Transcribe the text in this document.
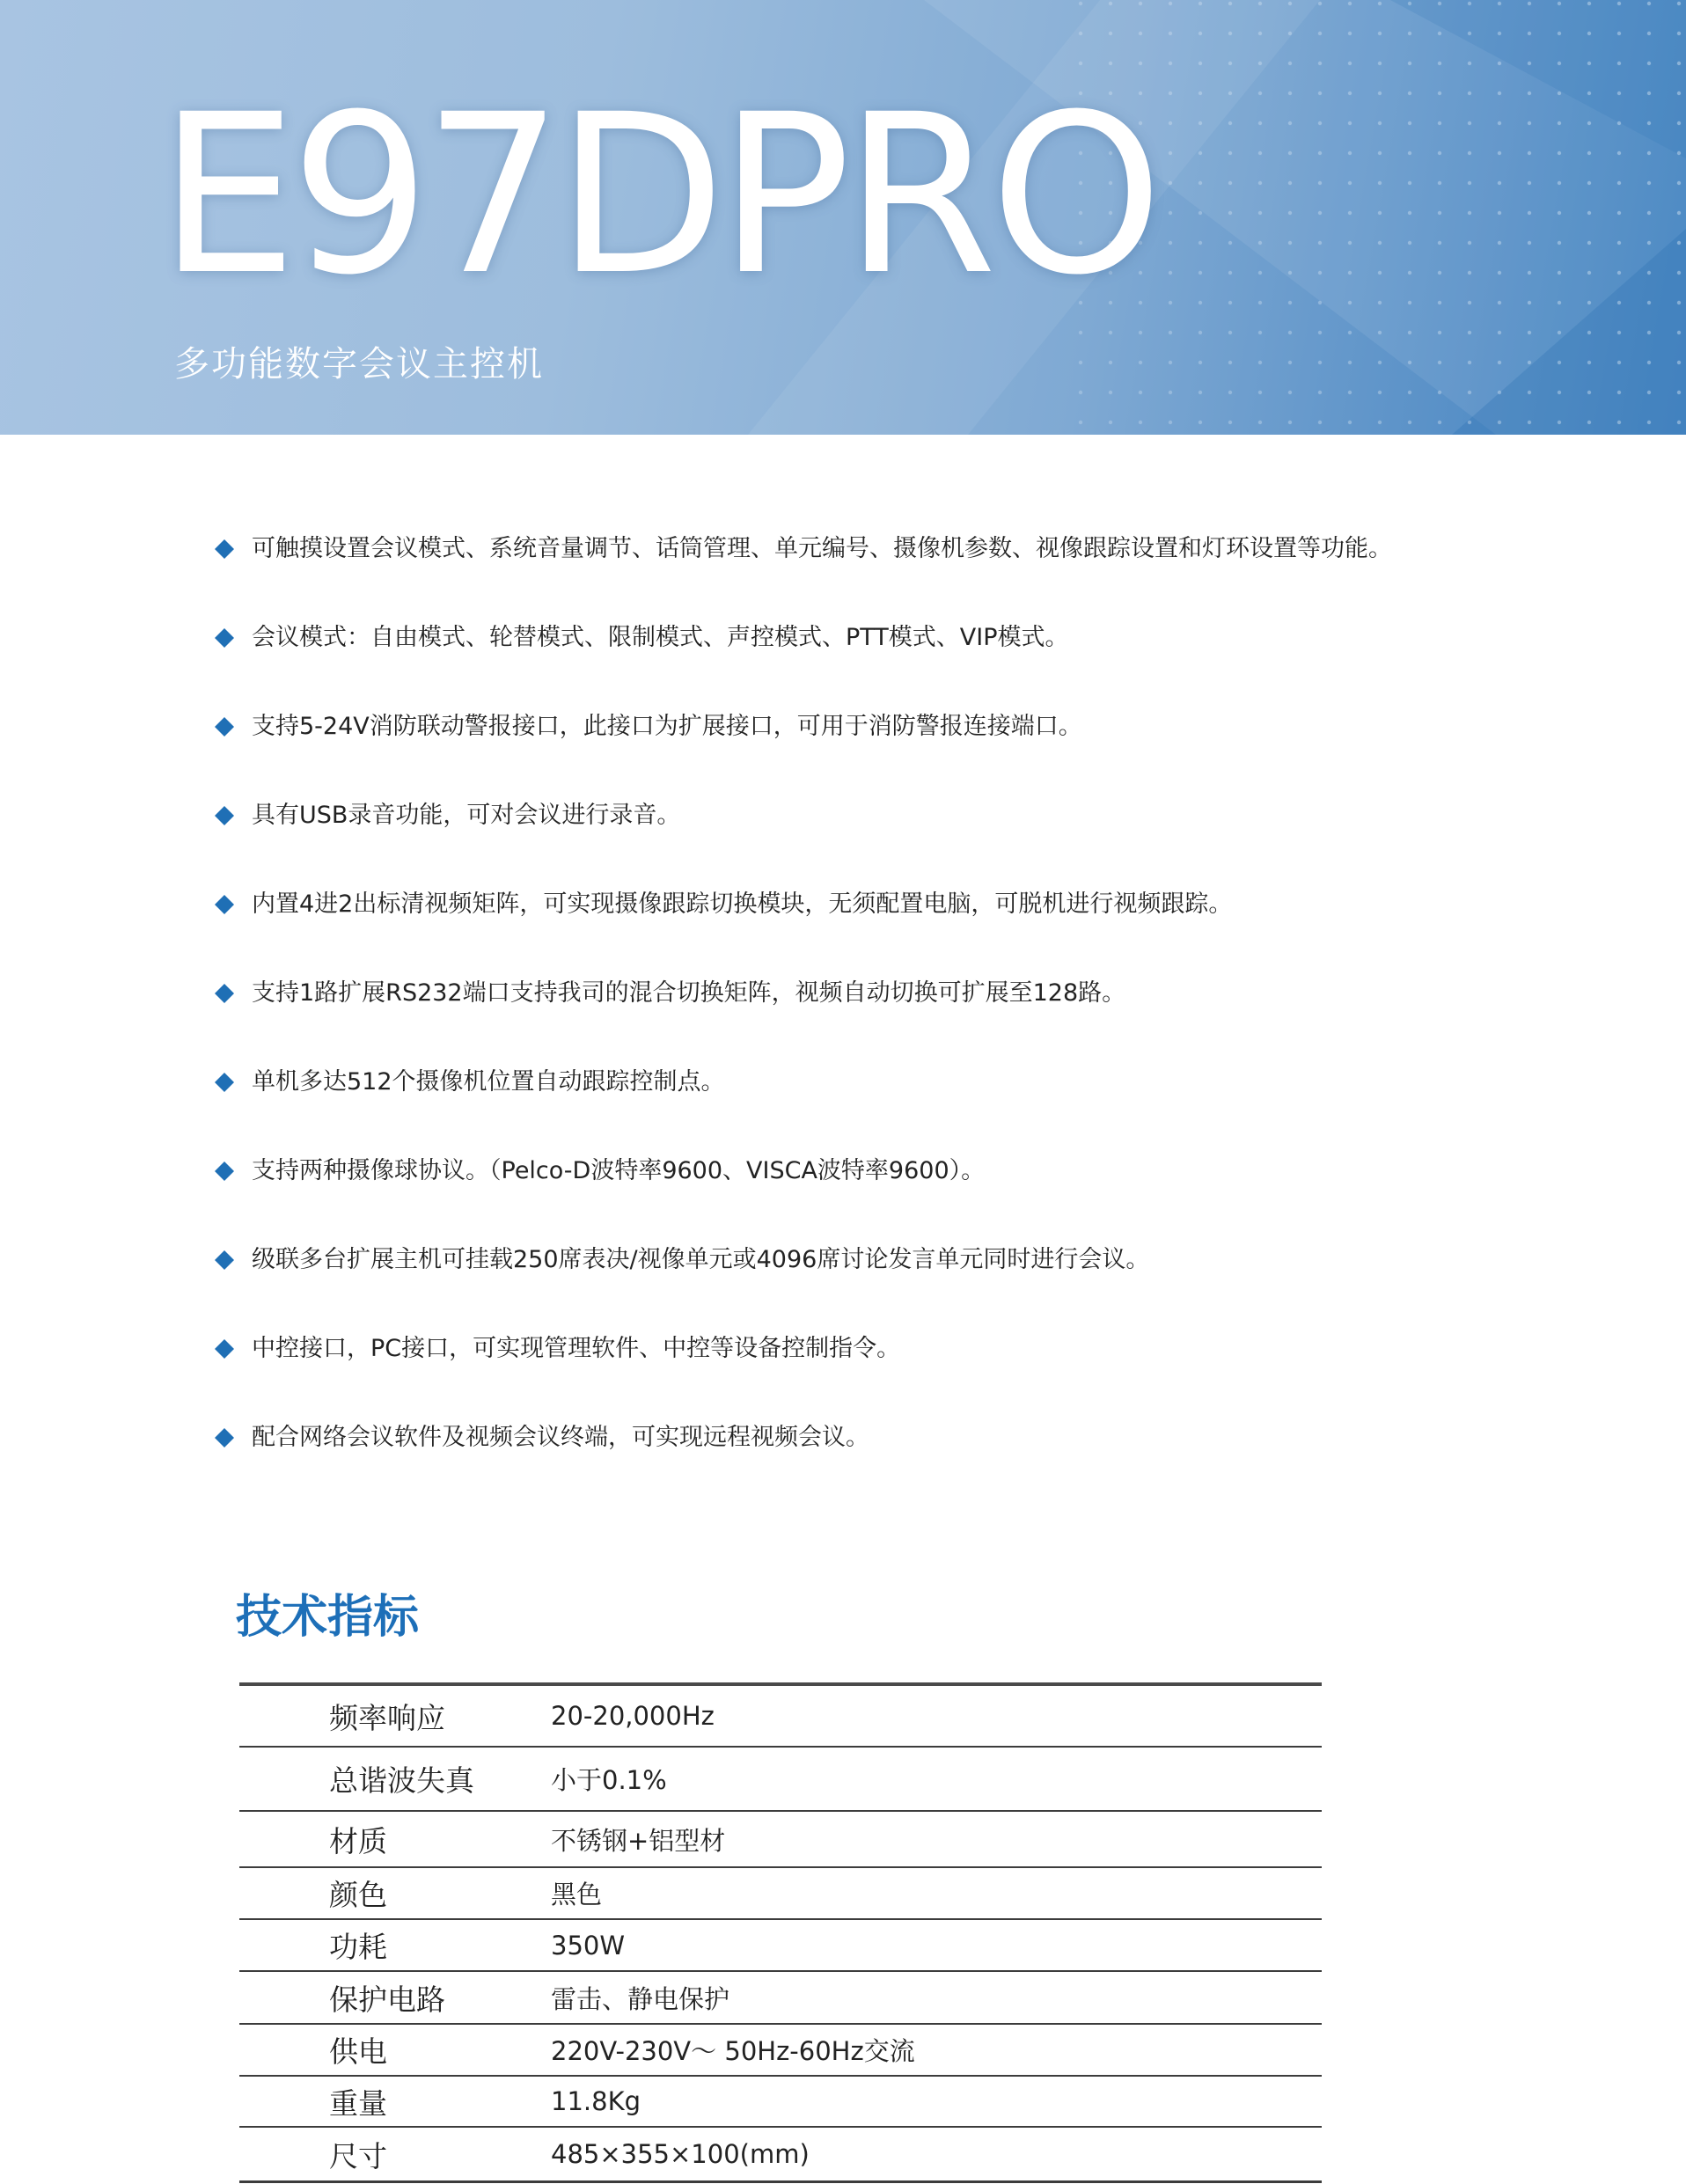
E97DPRO
多功能数字会议主控机
可触摸设置会议模式、系统音量调节、话筒管理、单元编号、摄像机参数、视像跟踪设置和灯环设置等功能。
会议模式：自由模式、轮替模式、限制模式、声控模式、PTT模式、VIP模式。
支持5-24V消防联动警报接口，此接口为扩展接口，可用于消防警报连接端口。
具有USB录音功能，可对会议进行录音。
内置4进2出标清视频矩阵，可实现摄像跟踪切换模块，无须配置电脑，可脱机进行视频跟踪。
支持1路扩展RS232端口支持我司的混合切换矩阵，视频自动切换可扩展至128路。
单机多达512个摄像机位置自动跟踪控制点。
支持两种摄像球协议。（Pelco-D波特率9600、VISCA波特率9600）。
级联多台扩展主机可挂载250席表决/视像单元或4096席讨论发言单元同时进行会议。
中控接口，PC接口，可实现管理软件、中控等设备控制指令。
配合网络会议软件及视频会议终端，可实现远程视频会议。
技术指标
频率响应	20-20,000Hz
总谐波失真	小于0.1%
材质	不锈钢+铝型材
颜色	黑色
功耗	350W
保护电路	雷击、静电保护
供电	220V-230V～ 50Hz-60Hz交流
重量	11.8Kg
尺寸	485×355×100(mm)
